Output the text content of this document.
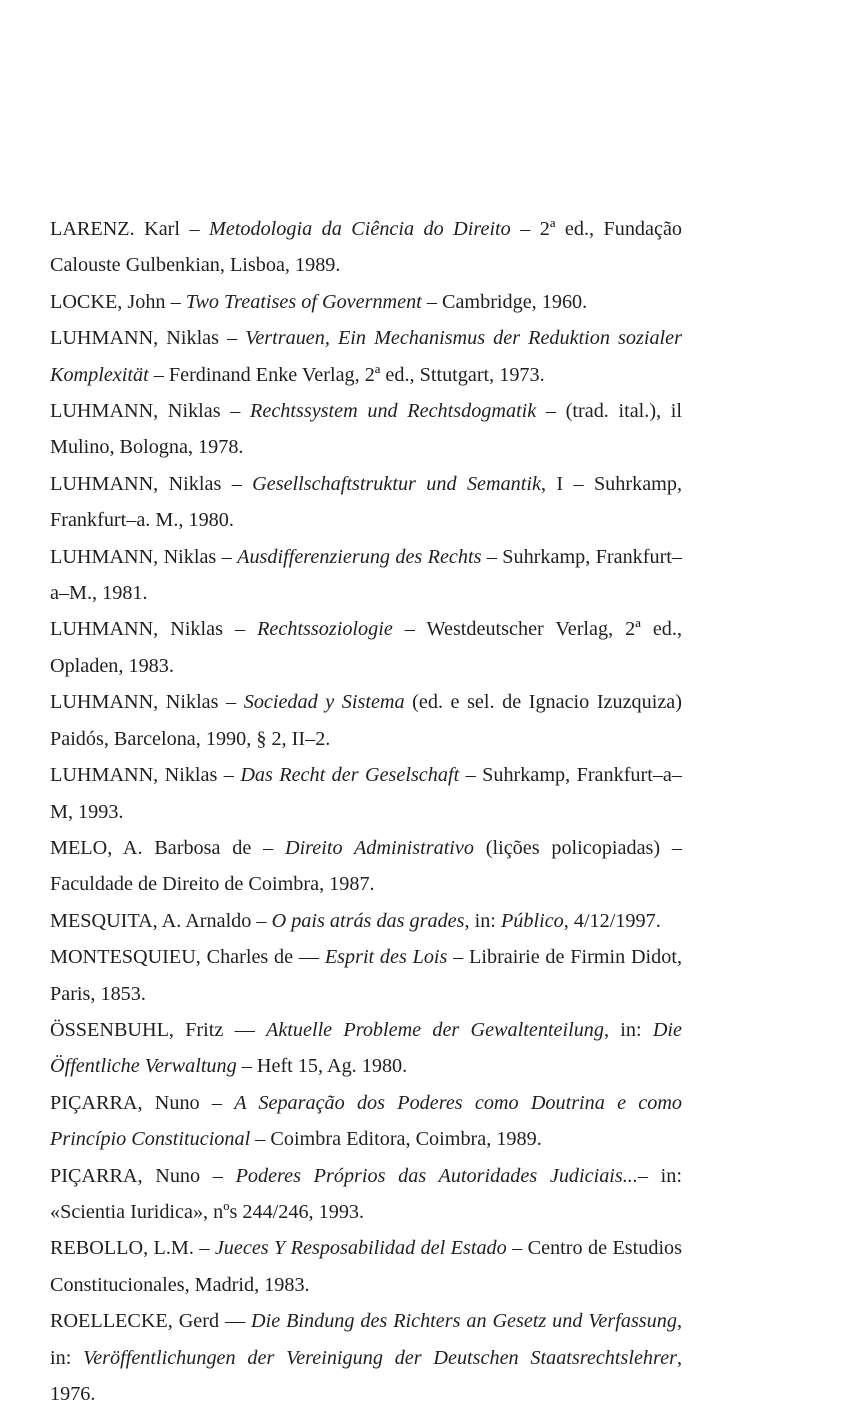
LARENZ. Karl – Metodologia da Ciência do Direito – 2ª ed., Fundação Calouste Gulbenkian, Lisboa, 1989.

LOCKE, John – Two Treatises of Government – Cambridge, 1960.

LUHMANN, Niklas – Vertrauen, Ein Mechanismus der Reduktion sozialer Komplexität – Ferdinand Enke Verlag, 2ª ed., Sttutgart, 1973.

LUHMANN, Niklas – Rechtssystem und Rechtsdogmatik – (trad. ital.), il Mulino, Bologna, 1978.

LUHMANN, Niklas – Gesellschaftstruktur und Semantik, I – Suhrkamp, Frankfurt–a. M., 1980.

LUHMANN, Niklas – Ausdifferenzierung des Rechts – Suhrkamp, Frankfurt–a–M., 1981.

LUHMANN, Niklas – Rechtssoziologie – Westdeutscher Verlag, 2ª ed., Opladen, 1983.

LUHMANN, Niklas – Sociedad y Sistema (ed. e sel. de Ignacio Izuzquiza) Paidós, Barcelona, 1990, § 2, II–2.

LUHMANN, Niklas – Das Recht der Geselschaft – Suhrkamp, Frankfurt–a–M, 1993.

MELO, A. Barbosa de – Direito Administrativo (lições policopiadas) – Faculdade de Direito de Coimbra, 1987.

MESQUITA, A. Arnaldo – O pais atrás das grades, in: Público, 4/12/1997.

MONTESQUIEU, Charles de — Esprit des Lois – Librairie de Firmin Didot, Paris, 1853.

ÖSSENBUHL, Fritz — Aktuelle Probleme der Gewaltenteilung, in: Die Öffentliche Verwaltung – Heft 15, Ag. 1980.

PIÇARRA, Nuno – A Separação dos Poderes como Doutrina e como Princípio Constitucional – Coimbra Editora, Coimbra, 1989.

PIÇARRA, Nuno – Poderes Próprios das Autoridades Judiciais...– in: «Scientia Iuridica», nºs 244/246, 1993.

REBOLLO, L.M. – Jueces Y Resposabilidad del Estado – Centro de Estudios Constitucionales, Madrid, 1983.

ROELLECKE, Gerd — Die Bindung des Richters an Gesetz und Verfassung, in: Veröffentlichungen der Vereinigung der Deutschen Staatsrechtslehrer, 1976.
